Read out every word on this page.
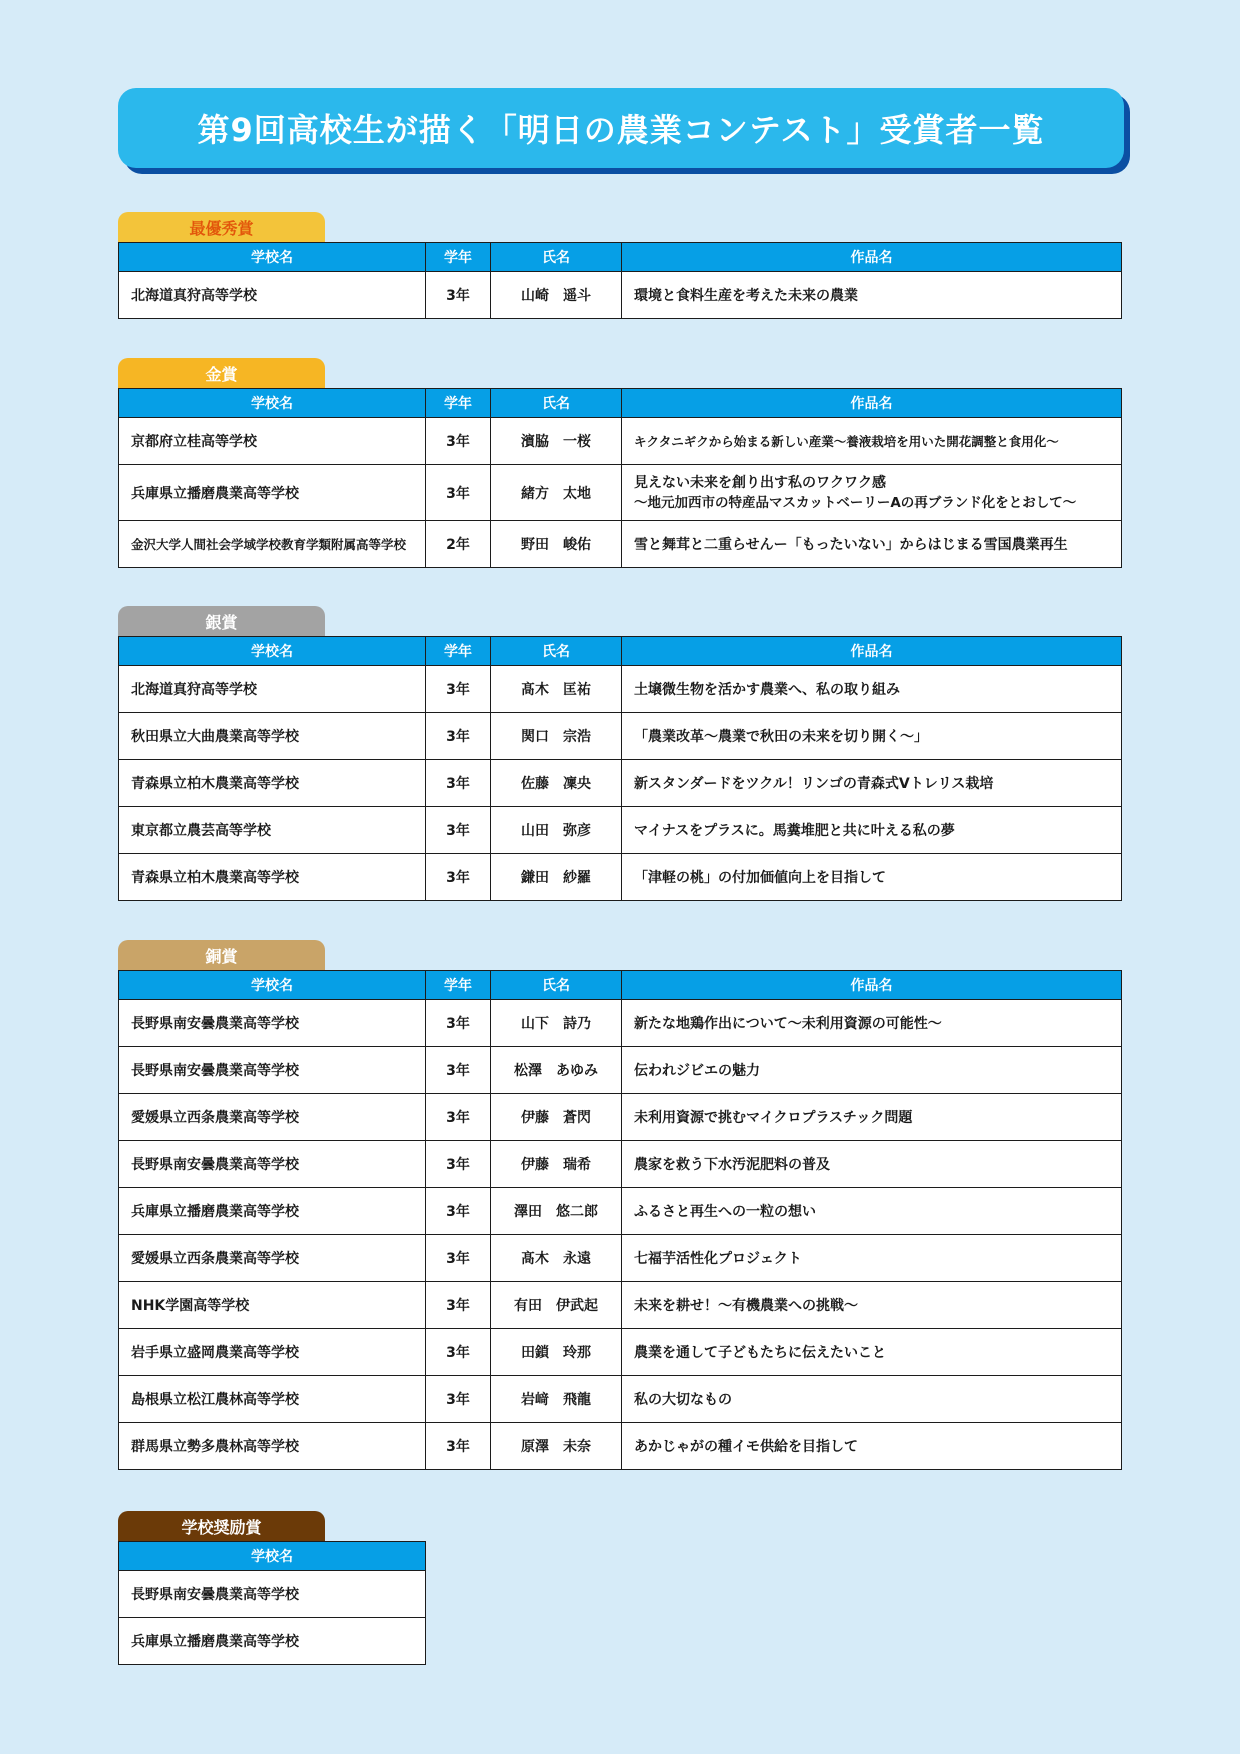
第9回高校生が描く「明日の農業コンテスト」受賞者一覧
最優秀賞
学校名	学年	氏名	作品名
北海道真狩高等学校	3年	山崎　遥斗	環境と食料生産を考えた未来の農業
金賞
学校名	学年	氏名	作品名
京都府立桂高等学校	3年	濱脇　一桜	キクタニギクから始まる新しい産業～養液栽培を用いた開花調整と食用化～
兵庫県立播磨農業高等学校	3年	緒方　太地	見えない未来を創り出す私のワクワク感
～地元加西市の特産品マスカットベーリーAの再ブランド化をとおして～

金沢大学人間社会学域学校教育学類附属高等学校	2年	野田　峻佑	雪と舞茸と二重らせんー「もったいない」からはじまる雪国農業再生
銀賞
学校名	学年	氏名	作品名
北海道真狩高等学校	3年	髙木　匡祐	土壌微生物を活かす農業へ、私の取り組み
秋田県立大曲農業高等学校	3年	関口　宗浩	「農業改革～農業で秋田の未来を切り開く～」
青森県立柏木農業高等学校	3年	佐藤　凜央	新スタンダードをツクル！リンゴの青森式Vトレリス栽培
東京都立農芸高等学校	3年	山田　弥彦	マイナスをプラスに。馬糞堆肥と共に叶える私の夢
青森県立柏木農業高等学校	3年	鎌田　紗羅	「津軽の桃」の付加価値向上を目指して
銅賞
学校名	学年	氏名	作品名
長野県南安曇農業高等学校	3年	山下　詩乃	新たな地鶏作出について～未利用資源の可能性～
長野県南安曇農業高等学校	3年	松澤　あゆみ	伝われジビエの魅力
愛媛県立西条農業高等学校	3年	伊藤　蒼閃	未利用資源で挑むマイクロプラスチック問題
長野県南安曇農業高等学校	3年	伊藤　瑞希	農家を救う下水汚泥肥料の普及
兵庫県立播磨農業高等学校	3年	澤田　悠二郎	ふるさと再生への一粒の想い
愛媛県立西条農業高等学校	3年	髙木　永遠	七福芋活性化プロジェクト
NHK学園高等学校	3年	有田　伊武起	未来を耕せ！～有機農業への挑戦～
岩手県立盛岡農業高等学校	3年	田鎖　玲那	農業を通して子どもたちに伝えたいこと
島根県立松江農林高等学校	3年	岩﨑　飛龍	私の大切なもの
群馬県立勢多農林高等学校	3年	原澤　未奈	あかじゃがの種イモ供給を目指して
学校奨励賞
学校名
長野県南安曇農業高等学校
兵庫県立播磨農業高等学校
